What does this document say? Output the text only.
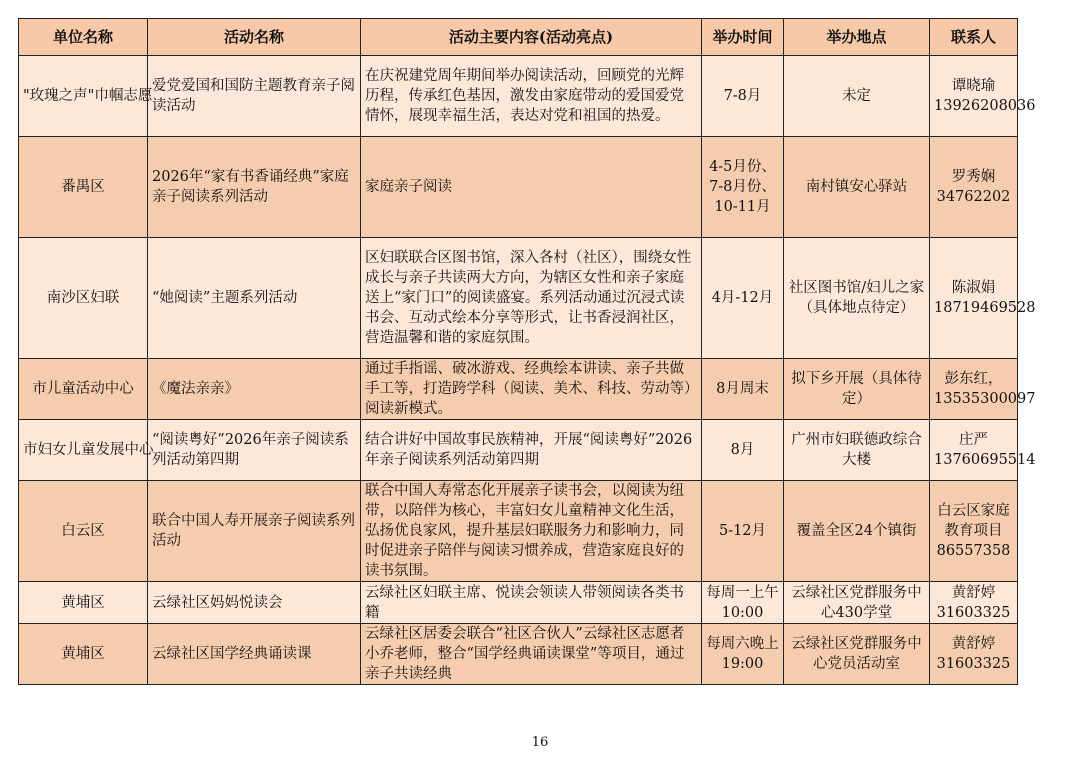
单位名称	活动名称	活动主要内容(活动亮点)	举办时间	举办地点	联系人
"玫瑰之声"巾帼志愿	爱党爱国和国防主题教育亲子阅读活动	在庆祝建党周年期间举办阅读活动，回顾党的光辉历程，传承红色基因，激发由家庭带动的爱国爱党情怀，展现幸福生活，表达对党和祖国的热爱。	7-8月	未定	谭晓瑜 13926208036
番禺区	2026年“家有书香诵经典”家庭亲子阅读系列活动	家庭亲子阅读	4-5月份、7-8月份、10-11月	南村镇安心驿站	罗秀娴 34762202
南沙区妇联	“她阅读”主题系列活动	区妇联联合区图书馆，深入各村（社区），围绕女性成长与亲子共读两大方向，为辖区女性和亲子家庭送上“家门口”的阅读盛宴。系列活动通过沉浸式读书会、互动式绘本分享等形式，让书香浸润社区，营造温馨和谐的家庭氛围。	4月-12月	社区图书馆/妇儿之家（具体地点待定）	陈淑娟 18719469528
市儿童活动中心	《魔法亲亲》	通过手指谣、破冰游戏、经典绘本讲读、亲子共做手工等，打造跨学科（阅读、美术、科技、劳动等）阅读新模式。	8月周末	拟下乡开展（具体待定）	彭东红，13535300097
市妇女儿童发展中心	“阅读粤好”2026年亲子阅读系列活动第四期	结合讲好中国故事民族精神，开展“阅读粤好”2026年亲子阅读系列活动第四期	8月	广州市妇联德政综合大楼	庄严 13760695514
白云区	联合中国人寿开展亲子阅读系列活动	联合中国人寿常态化开展亲子读书会，以阅读为纽带，以陪伴为核心，丰富妇女儿童精神文化生活，弘扬优良家风，提升基层妇联服务力和影响力，同时促进亲子陪伴与阅读习惯养成，营造家庭良好的读书氛围。	5-12月	覆盖全区24个镇街	白云区家庭教育项目 86557358
黄埔区	云绿社区妈妈悦读会	云绿社区妇联主席、悦读会领读人带领阅读各类书籍	每周一上午10:00	云绿社区党群服务中心430学堂	黄舒婷 31603325
黄埔区	云绿社区国学经典诵读课	云绿社区居委会联合“社区合伙人”云绿社区志愿者小乔老师，整合“国学经典诵读课堂”等项目，通过亲子共读经典	每周六晚上19:00	云绿社区党群服务中心党员活动室	黄舒婷 31603325
16
